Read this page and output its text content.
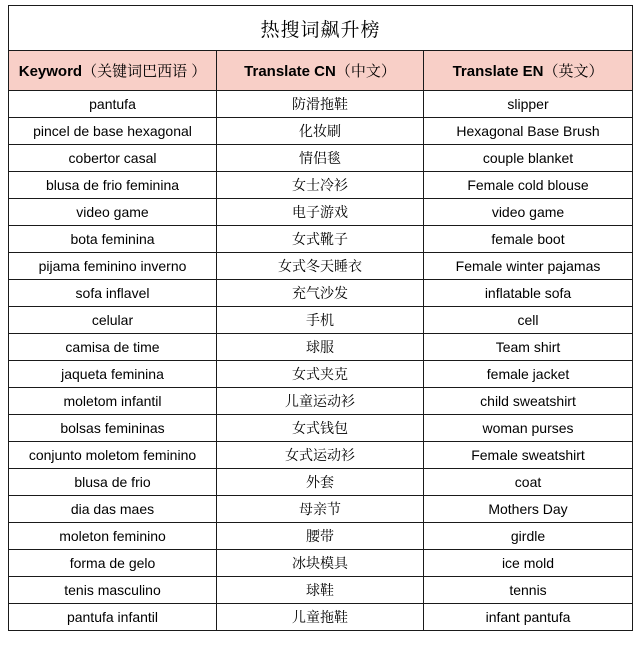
热搜词飙升榜		
Keyword（关键词巴西语 ）	Translate CN（中文）	Translate EN（英文）
pantufa	防滑拖鞋	slipper
pincel de base hexagonal	化妆刷	Hexagonal Base Brush
cobertor casal	情侣毯	couple blanket
blusa de frio feminina	女士冷衫	Female cold blouse
video game	电子游戏	video game
bota feminina	女式靴子	female boot
pijama feminino inverno	女式冬天睡衣	Female winter pajamas
sofa inflavel	充气沙发	inflatable sofa
celular	手机	cell
camisa de time	球服	Team shirt
jaqueta feminina	女式夹克	female jacket
moletom infantil	儿童运动衫	child sweatshirt
bolsas femininas	女式钱包	woman purses
conjunto moletom feminino	女式运动衫	Female sweatshirt
blusa de frio	外套	coat
dia das maes	母亲节	Mothers Day
moleton feminino	腰带	girdle
forma de gelo	冰块模具	ice mold
tenis masculino	球鞋	tennis
pantufa infantil	儿童拖鞋	infant pantufa
